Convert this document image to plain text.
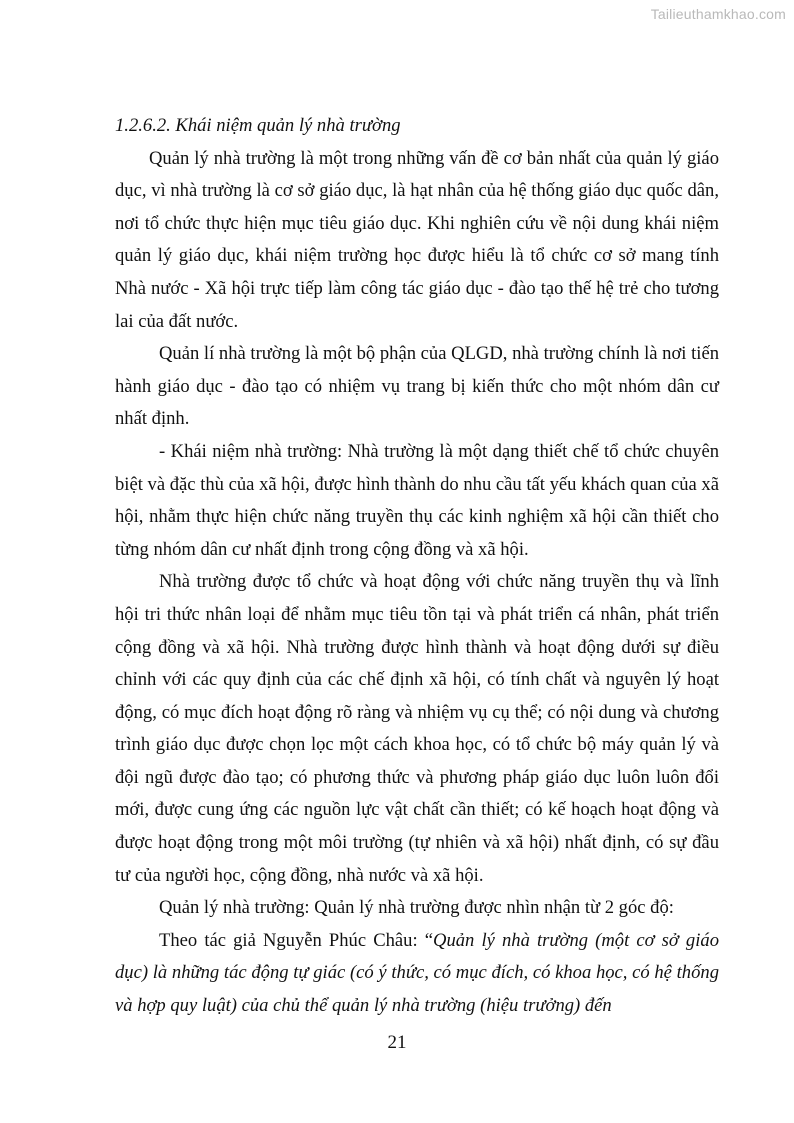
Tailieuthamkhao.com

1.2.6.2. Khái niệm quản lý nhà trường

Quản lý nhà trường là một trong những vấn đề cơ bản nhất của quản lý giáo dục, vì nhà trường là cơ sở giáo dục, là hạt nhân của hệ thống giáo dục quốc dân, nơi tổ chức thực hiện mục tiêu giáo dục. Khi nghiên cứu về nội dung khái niệm quản lý giáo dục, khái niệm trường học được hiểu là tổ chức cơ sở mang tính Nhà nước - Xã hội trực tiếp làm công tác giáo dục - đào tạo thế hệ trẻ cho tương lai của đất nước.

Quản lí nhà trường là một bộ phận của QLGD, nhà trường chính là nơi tiến hành giáo dục - đào tạo có nhiệm vụ trang bị kiến thức cho một nhóm dân cư nhất định.

- Khái niệm nhà trường: Nhà trường là một dạng thiết chế tổ chức chuyên biệt và đặc thù của xã hội, được hình thành do nhu cầu tất yếu khách quan của xã hội, nhằm thực hiện chức năng truyền thụ các kinh nghiệm xã hội cần thiết cho từng nhóm dân cư nhất định trong cộng đồng và xã hội.

Nhà trường được tổ chức và hoạt động với chức năng truyền thụ và lĩnh hội tri thức nhân loại để nhằm mục tiêu tồn tại và phát triển cá nhân, phát triển cộng đồng và xã hội. Nhà trường được hình thành và hoạt động dưới sự điều chỉnh với các quy định của các chế định xã hội, có tính chất và nguyên lý hoạt động, có mục đích hoạt động rõ ràng và nhiệm vụ cụ thể; có nội dung và chương trình giáo dục được chọn lọc một cách khoa học, có tổ chức bộ máy quản lý và đội ngũ được đào tạo; có phương thức và phương pháp giáo dục luôn luôn đổi mới, được cung ứng các nguồn lực vật chất cần thiết; có kế hoạch hoạt động và được hoạt động trong một môi trường (tự nhiên và xã hội) nhất định, có sự đầu tư của người học, cộng đồng, nhà nước và xã hội.

Quản lý nhà trường: Quản lý nhà trường được nhìn nhận từ 2 góc độ:

Theo tác giả Nguyễn Phúc Châu: “Quản lý nhà trường (một cơ sở giáo dục) là những tác động tự giác (có ý thức, có mục đích, có khoa học, có hệ thống và hợp quy luật) của chủ thể quản lý nhà trường (hiệu trưởng) đến

21
